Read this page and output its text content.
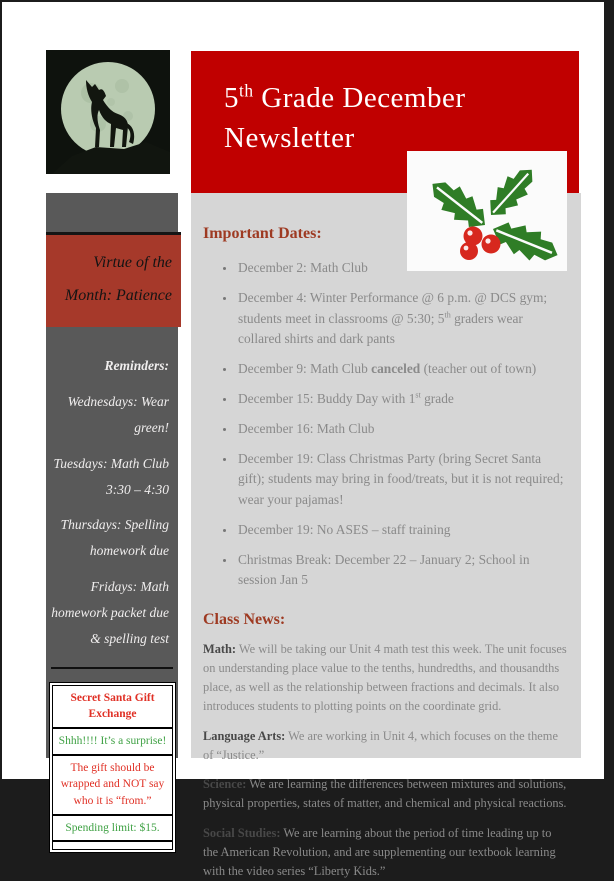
5th Grade December Newsletter
Virtue of the Month: Patience
Reminders:
Wednesdays: Wear green!
Tuesdays: Math Club 3:30 – 4:30
Thursdays: Spelling homework due
Fridays: Math homework packet due & spelling test
Secret Santa Gift Exchange
Shhh!!!! It’s a surprise!
The gift should be wrapped and NOT say who it is “from.”
Spending limit: $15.
Important Dates:
• December 2: Math Club
• December 4: Winter Performance @ 6 p.m. @ DCS gym; students meet in classrooms @ 5:30; 5th graders wear collared shirts and dark pants
• December 9: Math Club canceled (teacher out of town)
• December 15: Buddy Day with 1st grade
• December 16: Math Club
• December 19: Class Christmas Party (bring Secret Santa gift); students may bring in food/treats, but it is not required; wear your pajamas!
• December 19: No ASES – staff training
• Christmas Break: December 22 – January 2; School in session Jan 5
Class News:

Math: We will be taking our Unit 4 math test this week. The unit focuses on understanding place value to the tenths, hundredths, and thousandths place, as well as the relationship between fractions and decimals. It also introduces students to plotting points on the coordinate grid.

Language Arts: We are working in Unit 4, which focuses on the theme of “Justice.”

Science: We are learning the differences between mixtures and solutions, physical properties, states of matter, and chemical and physical reactions.

Social Studies: We are learning about the period of time leading up to the American Revolution, and are supplementing our textbook learning with the video series “Liberty Kids.”
